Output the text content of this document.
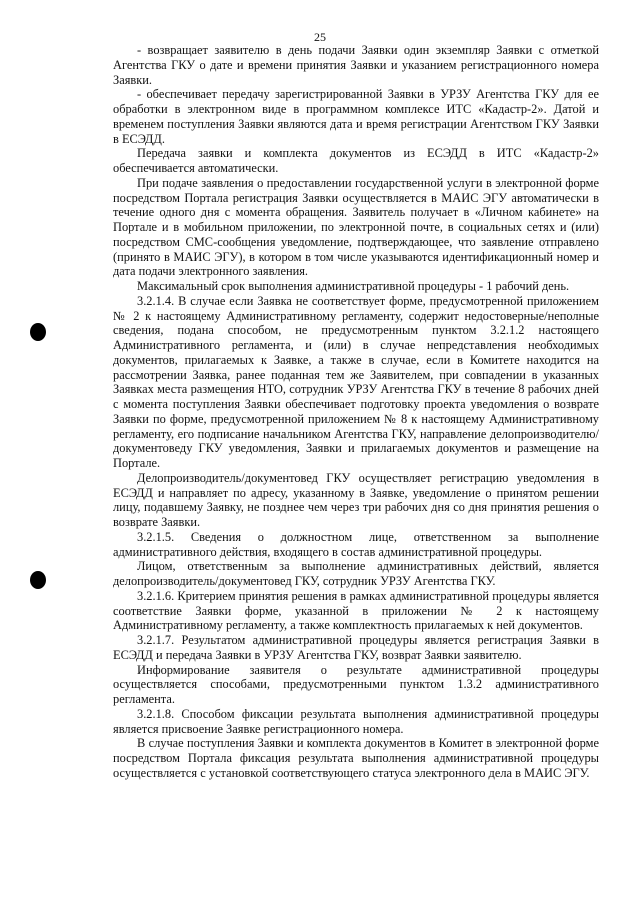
25

- возвращает заявителю в день подачи Заявки один экземпляр Заявки с отметкой Агентства ГКУ о дате и времени принятия Заявки и указанием регистрационного номера Заявки.

- обеспечивает передачу зарегистрированной Заявки в УРЗУ Агентства ГКУ для ее обработки в электронном виде в программном комплексе ИТС «Кадастр-2». Датой и временем поступления Заявки являются дата и время регистрации Агентством ГКУ Заявки в ЕСЭДД.

Передача заявки и комплекта документов из ЕСЭДД в ИТС «Кадастр-2» обеспечивается автоматически.

При подаче заявления о предоставлении государственной услуги в электронной форме посредством Портала регистрация Заявки осуществляется в МАИС ЭГУ автоматически в течение одного дня с момента обращения. Заявитель получает в «Личном кабинете» на Портале и в мобильном приложении, по электронной почте, в социальных сетях и (или) посредством СМС-сообщения уведомление, подтверждающее, что заявление отправлено (принято в МАИС ЭГУ), в котором в том числе указываются идентификационный номер и дата подачи электронного заявления.

Максимальный срок выполнения административной процедуры - 1 рабочий день.

3.2.1.4. В случае если Заявка не соответствует форме, предусмотренной приложением № 2 к настоящему Административному регламенту, содержит недостоверные/неполные сведения, подана способом, не предусмотренным пунктом 3.2.1.2 настоящего Административного регламента, и (или) в случае непредставления необходимых документов, прилагаемых к Заявке, а также в случае, если в Комитете находится на рассмотрении Заявка, ранее поданная тем же Заявителем, при совпадении в указанных Заявках места размещения НТО, сотрудник УРЗУ Агентства ГКУ в течение 8 рабочих дней с момента поступления Заявки обеспечивает подготовку проекта уведомления о возврате Заявки по форме, предусмотренной приложением № 8 к настоящему Административному регламенту, его подписание начальником Агентства ГКУ, направление делопроизводителю/документоведу ГКУ уведомления, Заявки и прилагаемых документов и размещение на Портале.

Делопроизводитель/документовед ГКУ осуществляет регистрацию уведомления в ЕСЭДД и направляет по адресу, указанному в Заявке, уведомление о принятом решении лицу, подавшему Заявку, не позднее чем через три рабочих дня со дня принятия решения о возврате Заявки.

3.2.1.5. Сведения о должностном лице, ответственном за выполнение административного действия, входящего в состав административной процедуры.

Лицом, ответственным за выполнение административных действий, является делопроизводитель/документовед ГКУ, сотрудник УРЗУ Агентства ГКУ.

3.2.1.6. Критерием принятия решения в рамках административной процедуры является соответствие Заявки форме, указанной в приложении № 2 к настоящему Административному регламенту, а также комплектность прилагаемых к ней документов.

3.2.1.7. Результатом административной процедуры является регистрация Заявки в ЕСЭДД и передача Заявки в УРЗУ Агентства ГКУ, возврат Заявки заявителю.

Информирование заявителя о результате административной процедуры осуществляется способами, предусмотренными пунктом 1.3.2 административного регламента.

3.2.1.8. Способом фиксации результата выполнения административной процедуры является присвоение Заявке регистрационного номера.

В случае поступления Заявки и комплекта документов в Комитет в электронной форме посредством Портала фиксация результата выполнения административной процедуры осуществляется с установкой соответствующего статуса электронного дела в МАИС ЭГУ.
